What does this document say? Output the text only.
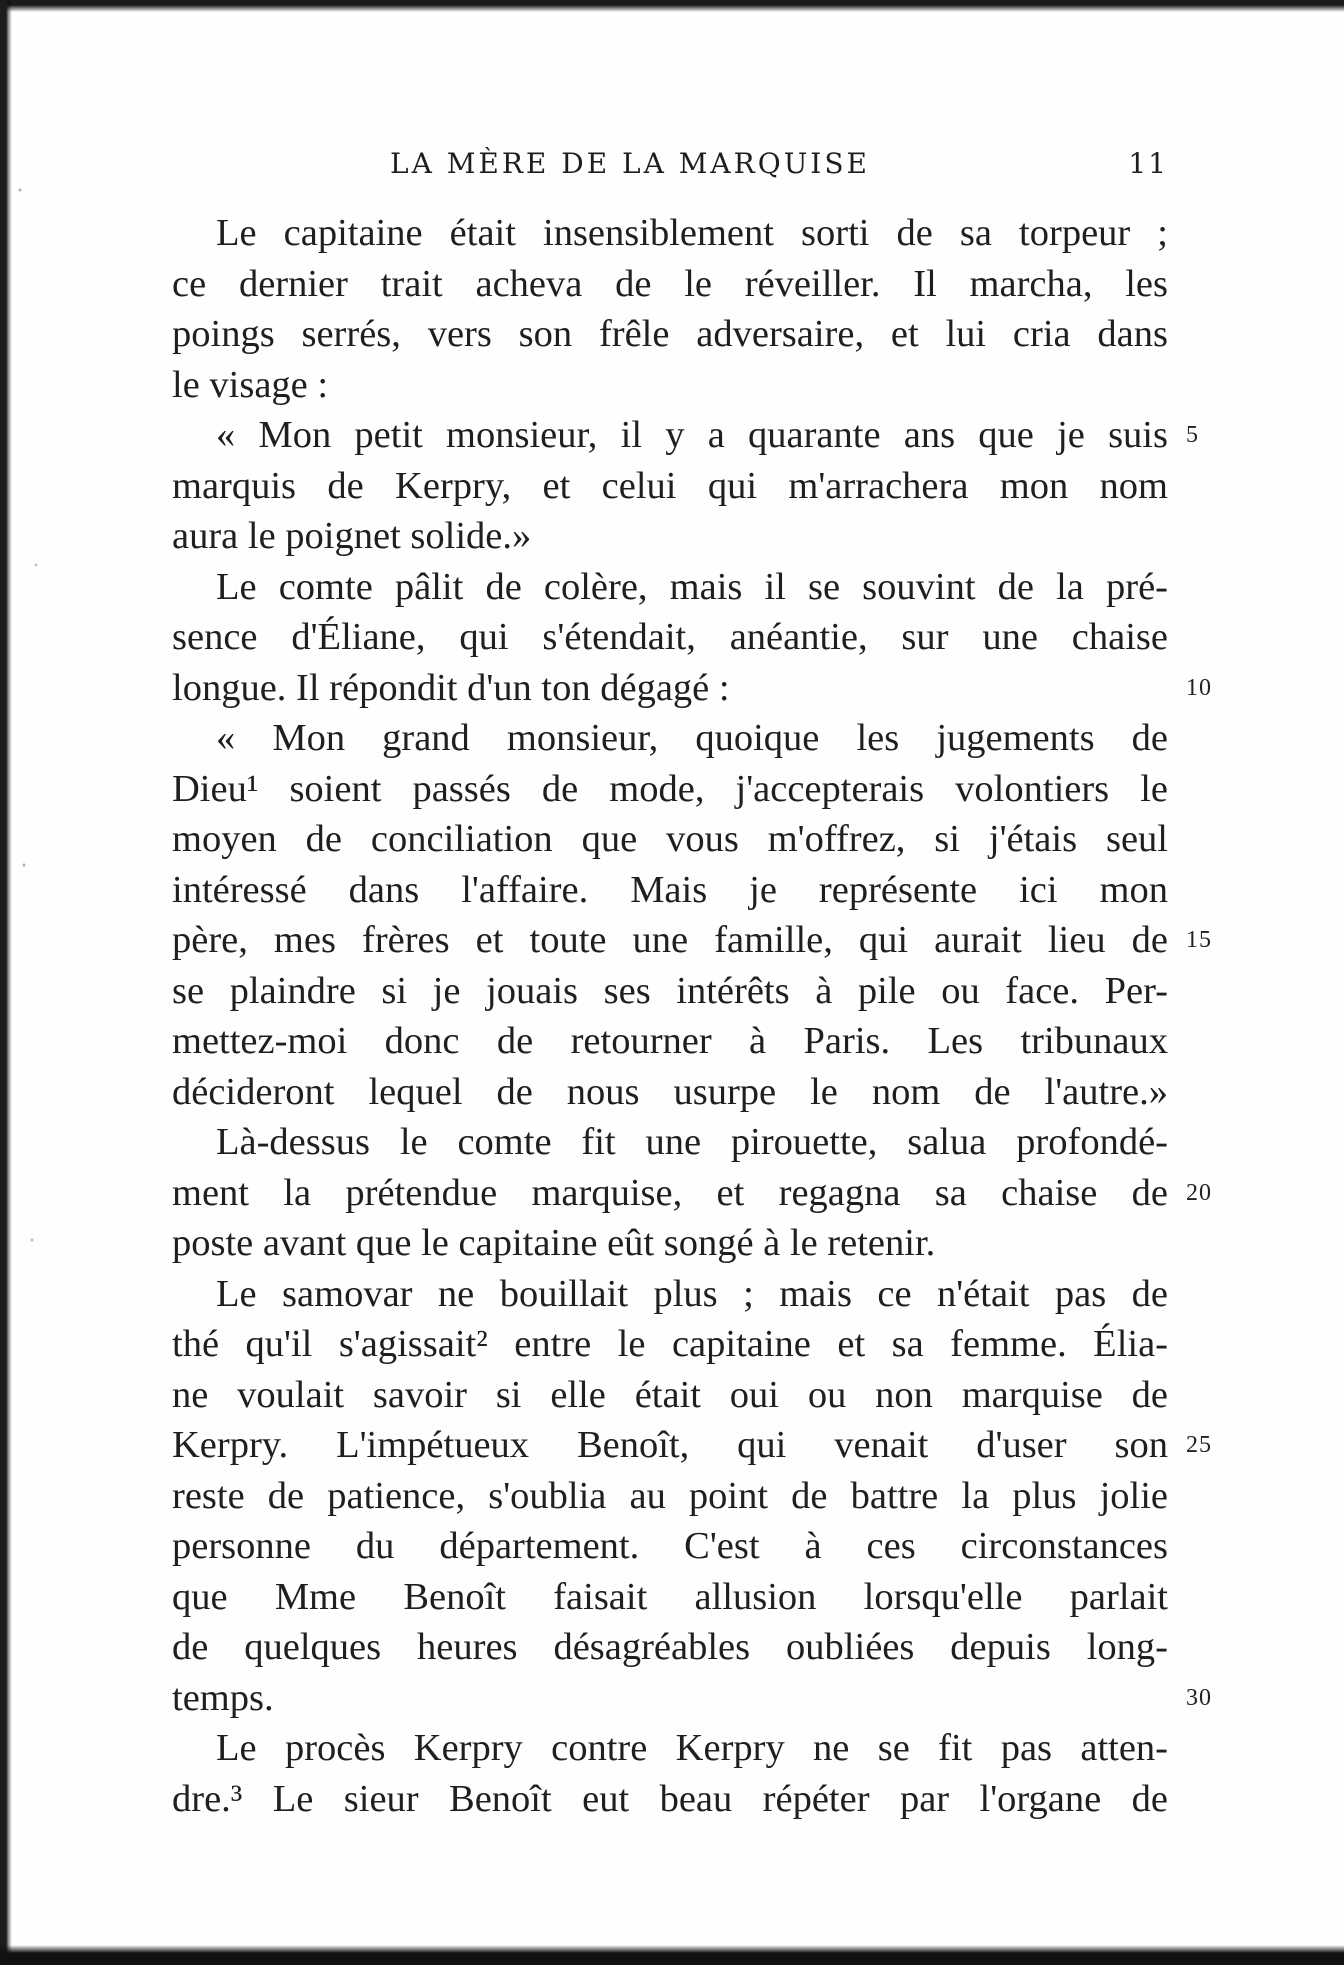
LA MÈRE DE LA MARQUISE	11
Le capitaine était insensiblement sorti de sa torpeur ;
ce dernier trait acheva de le réveiller. Il marcha, les
poings serrés, vers son frêle adversaire, et lui cria dans
le visage :
« Mon petit monsieur, il y a quarante ans que je suis 5
marquis de Kerpry, et celui qui m'arrachera mon nom
aura le poignet solide.»
Le comte pâlit de colère, mais il se souvint de la pré-
sence d'Éliane, qui s'étendait, anéantie, sur une chaise
longue. Il répondit d'un ton dégagé :	10
« Mon grand monsieur, quoique les jugements de
Dieu¹ soient passés de mode, j'accepterais volontiers le
moyen de conciliation que vous m'offrez, si j'étais seul
intéressé dans l'affaire. Mais je représente ici mon
père, mes frères et toute une famille, qui aurait lieu de 15
se plaindre si je jouais ses intérêts à pile ou face. Per-
mettez-moi donc de retourner à Paris. Les tribunaux
décideront lequel de nous usurpe le nom de l'autre.»
Là-dessus le comte fit une pirouette, salua profondé-
ment la prétendue marquise, et regagna sa chaise de 20
poste avant que le capitaine eût songé à le retenir.
Le samovar ne bouillait plus ; mais ce n'était pas de
thé qu'il s'agissait² entre le capitaine et sa femme. Élia-
ne voulait savoir si elle était oui ou non marquise de
Kerpry. L'impétueux Benoît, qui venait d'user son 25
reste de patience, s'oublia au point de battre la plus jolie
personne du département. C'est à ces circonstances
que Mme Benoît faisait allusion lorsqu'elle parlait
de quelques heures désagréables oubliées depuis long-
temps.	30
Le procès Kerpry contre Kerpry ne se fit pas atten-
dre.³ Le sieur Benoît eut beau répéter par l'organe de
